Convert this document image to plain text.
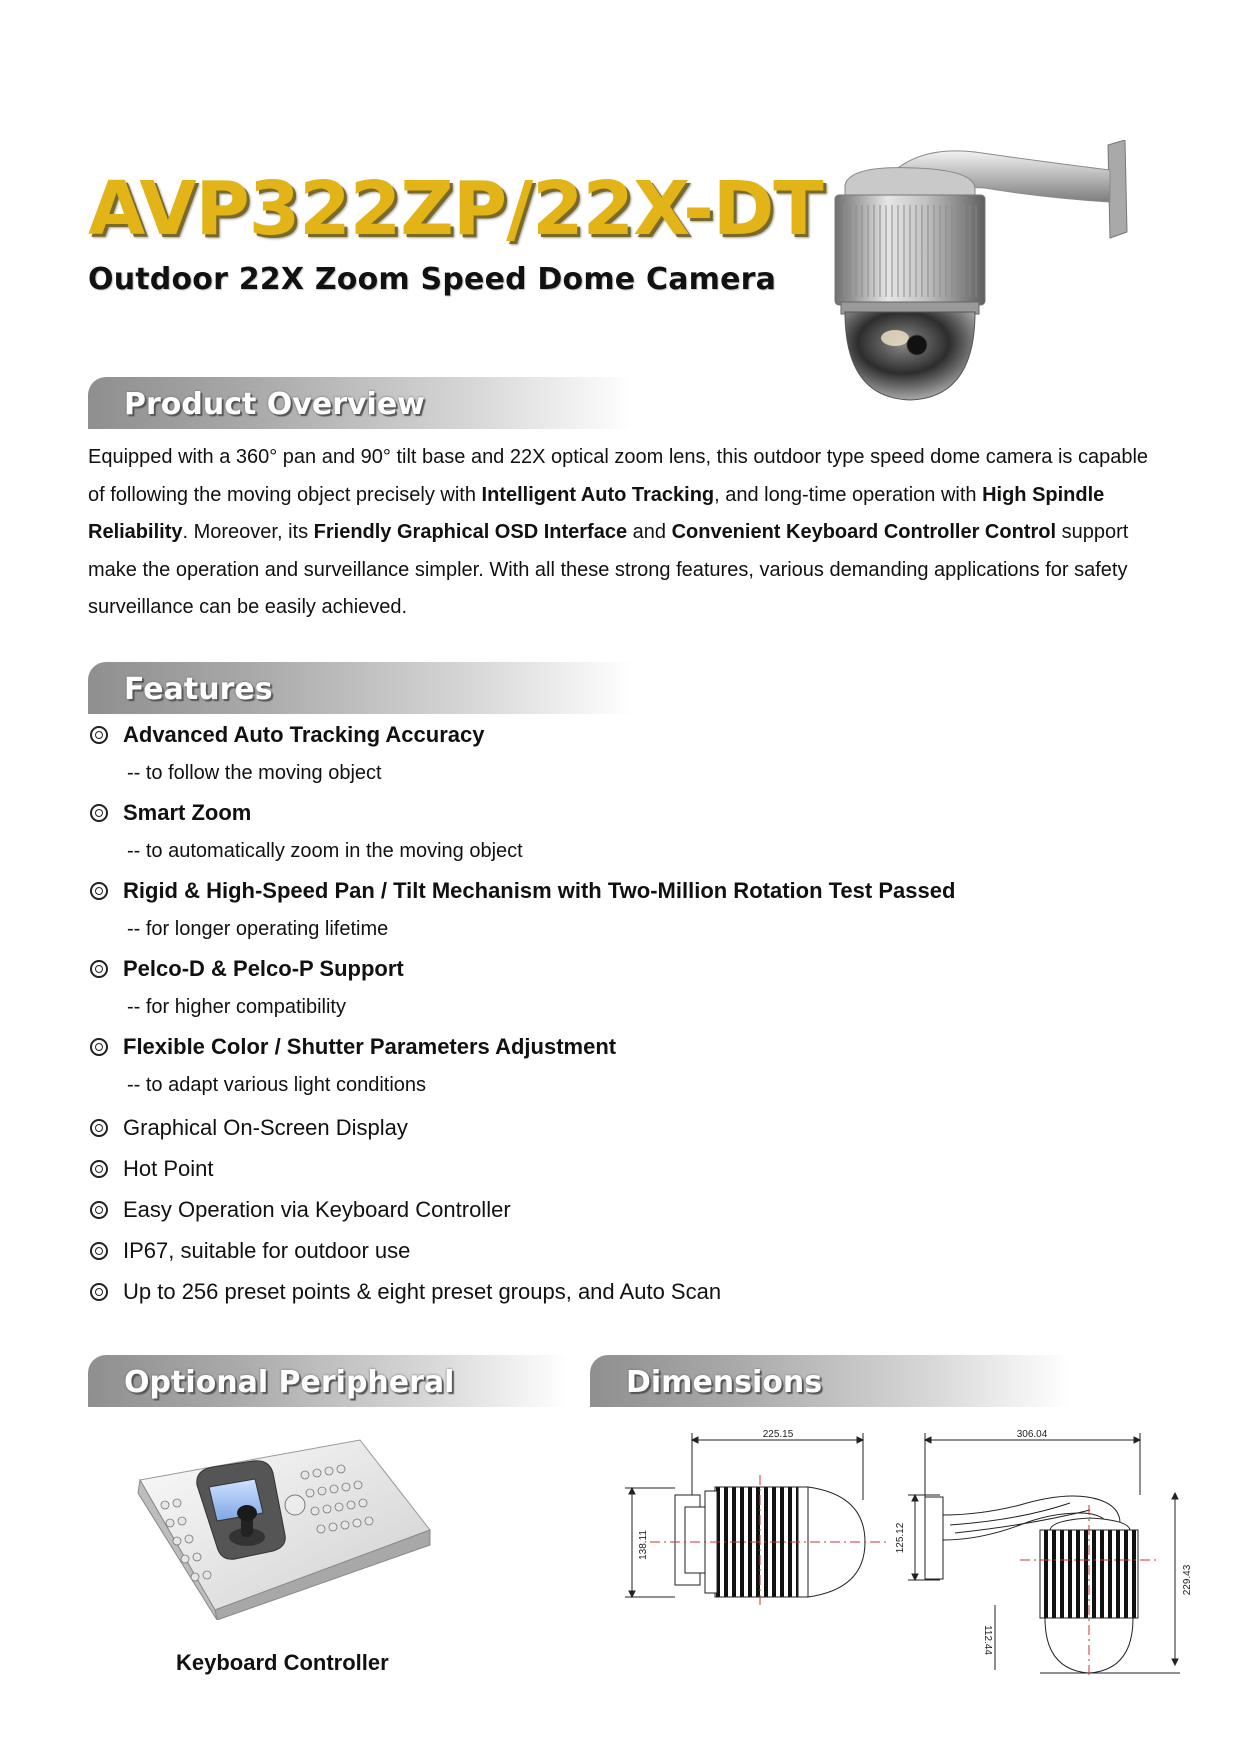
AVP322ZP/22X-DT
Outdoor 22X Zoom Speed Dome Camera
Product Overview

Equipped with a 360° pan and 90° tilt base and 22X optical zoom lens, this outdoor type speed dome camera is capable of following the moving object precisely with Intelligent Auto Tracking, and long-time operation with High Spindle Reliability. Moreover, its Friendly Graphical OSD Interface and Convenient Keyboard Controller Control support make the operation and surveillance simpler. With all these strong features, various demanding applications for safety surveillance can be easily achieved.

Features
Advanced Auto Tracking Accuracy
-- to follow the moving object
Smart Zoom
-- to automatically zoom in the moving object
Rigid & High-Speed Pan / Tilt Mechanism with Two-Million Rotation Test Passed
-- for longer operating lifetime
Pelco-D & Pelco-P Support
-- for higher compatibility
Flexible Color / Shutter Parameters Adjustment
-- to adapt various light conditions
Graphical On-Screen Display
Hot Point
Easy Operation via Keyboard Controller
IP67, suitable for outdoor use
Up to 256 preset points & eight preset groups, and Auto Scan
Optional Peripheral

Keyboard Controller

Dimensions
225.15
138.11
306.04
125.12
229.43
112.44
